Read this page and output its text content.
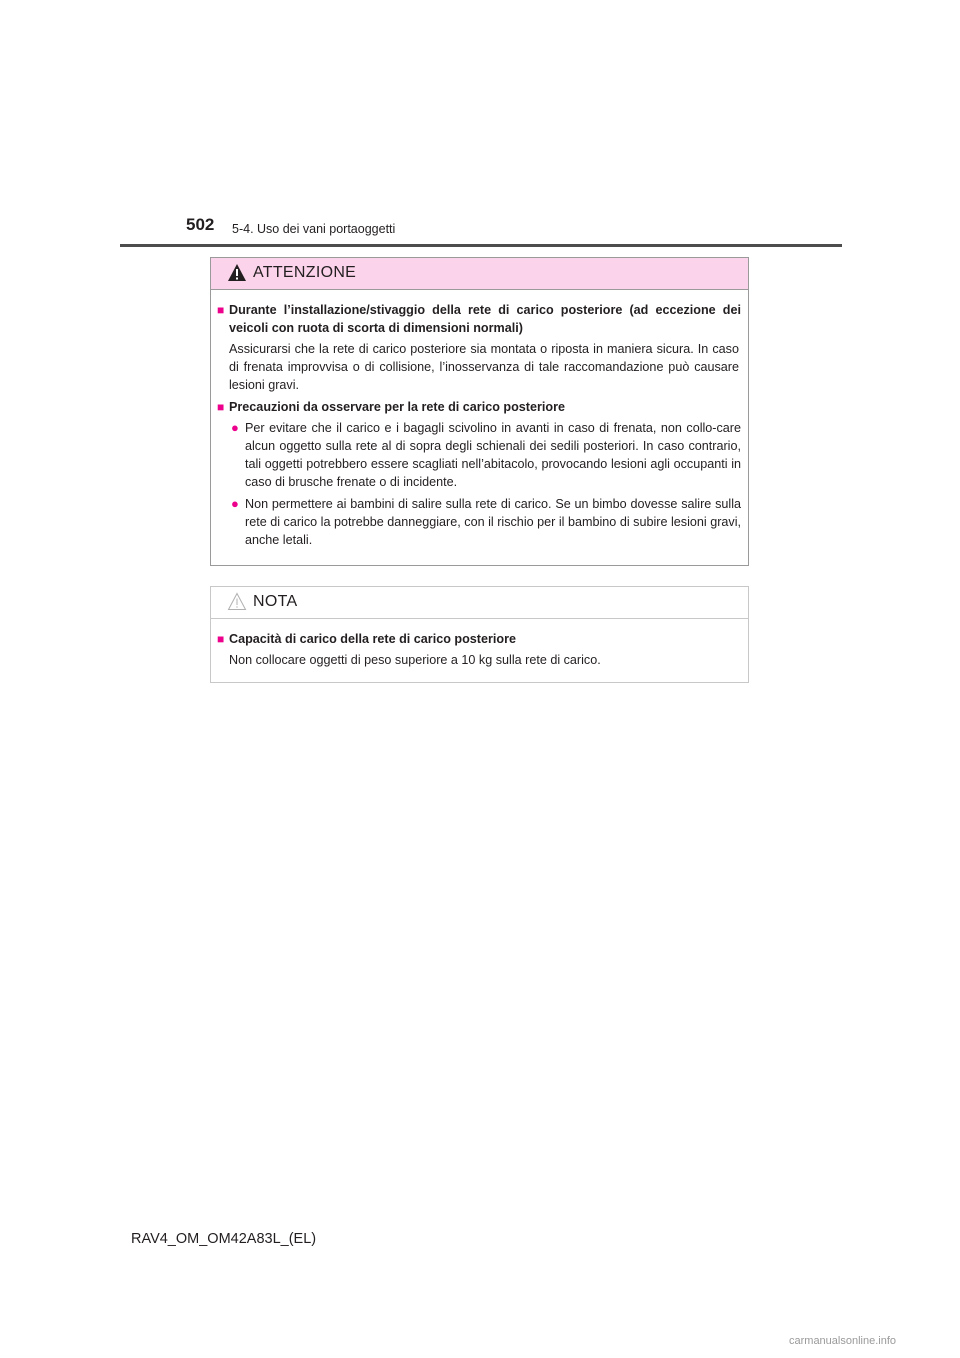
502 5-4. Uso dei vani portaoggetti
ATTENZIONE
■ Durante l’installazione/stivaggio della rete di carico posteriore (ad eccezione dei veicoli con ruota di scorta di dimensioni normali)
Assicurarsi che la rete di carico posteriore sia montata o riposta in maniera sicura. In caso di frenata improvvisa o di collisione, l’inosservanza di tale raccomandazione può causare lesioni gravi.
■ Precauzioni da osservare per la rete di carico posteriore
● Per evitare che il carico e i bagagli scivolino in avanti in caso di frenata, non collo-care alcun oggetto sulla rete al di sopra degli schienali dei sedili posteriori. In caso contrario, tali oggetti potrebbero essere scagliati nell’abitacolo, provocando lesioni agli occupanti in caso di brusche frenate o di incidente.
● Non permettere ai bambini di salire sulla rete di carico. Se un bimbo dovesse salire sulla rete di carico la potrebbe danneggiare, con il rischio per il bambino di subire lesioni gravi, anche letali.
NOTA
■ Capacità di carico della rete di carico posteriore
Non collocare oggetti di peso superiore a 10 kg sulla rete di carico.
RAV4_OM_OM42A83L_(EL)
carmanualsonline.info
